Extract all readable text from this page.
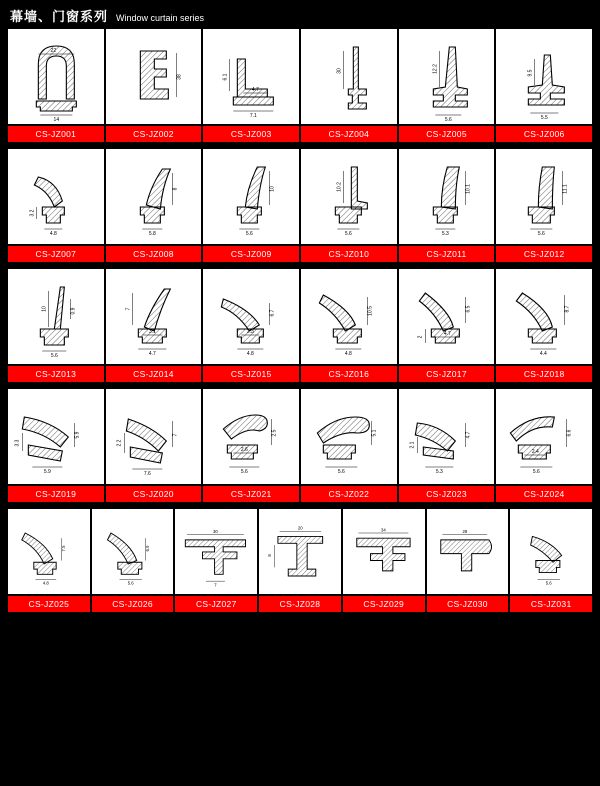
幕墙、门窗系列 Window curtain series
22
14
38	6.1
4.7
7.1
30	12.2
5.6
9.5
5.5
CS-JZ001	CS-JZ002	CS-JZ003	CS-JZ004	CS-JZ005	CS-JZ006
3.2
4.8
8
5.8
10
5.6
10.2
5.6
10.1
5.3
11.1
5.6
CS-JZ007	CS-JZ008	CS-JZ009	CS-JZ010	CS-JZ011	CS-JZ012
10	0.9
5.6
7
3.1
4.7
6.7
2.3
4.8
10.5
4.8
6.5
4.7
2
8.7
4.4
CS-JZ013	CS-JZ014	CS-JZ015	CS-JZ016	CS-JZ017	CS-JZ018
5.9
3.3
5.9
7
2.2
7.6
2.5
2.6
5.6
5.1
5.6
4.7
2.1
5.3
6.6
2.4
5.6
CS-JZ019	CS-JZ020	CS-JZ021	CS-JZ022	CS-JZ023	CS-JZ024
7.5
4.8
6.9
5.6
30
7
20
8
34	28
5.6
CS-JZ025	CS-JZ026	CS-JZ027	CS-JZ028	CS-JZ029	CS-JZ030	CS-JZ031
